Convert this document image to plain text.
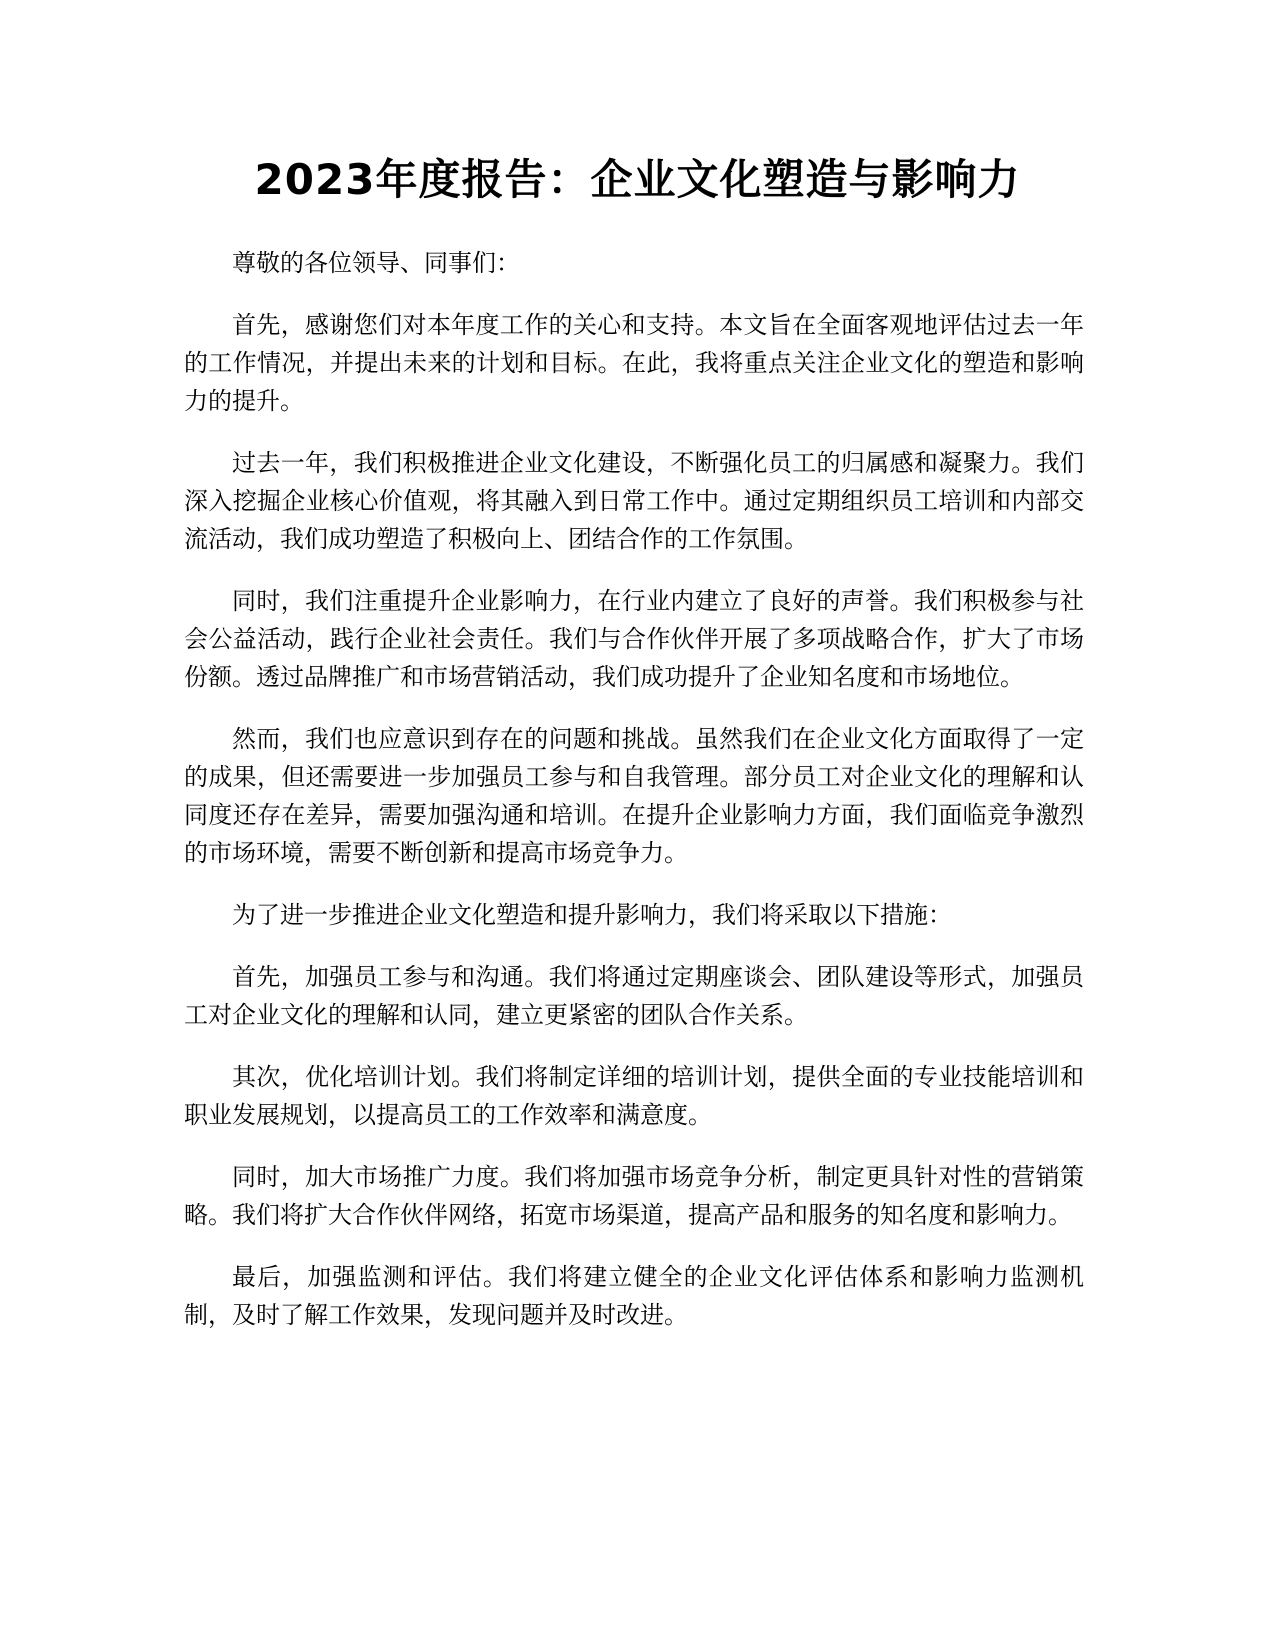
2023年度报告：企业文化塑造与影响力

尊敬的各位领导、同事们：

首先，感谢您们对本年度工作的关心和支持。本文旨在全面客观地评估过去一年的工作情况，并提出未来的计划和目标。在此，我将重点关注企业文化的塑造和影响力的提升。

过去一年，我们积极推进企业文化建设，不断强化员工的归属感和凝聚力。我们深入挖掘企业核心价值观，将其融入到日常工作中。通过定期组织员工培训和内部交流活动，我们成功塑造了积极向上、团结合作的工作氛围。

同时，我们注重提升企业影响力，在行业内建立了良好的声誉。我们积极参与社会公益活动，践行企业社会责任。我们与合作伙伴开展了多项战略合作，扩大了市场份额。透过品牌推广和市场营销活动，我们成功提升了企业知名度和市场地位。

然而，我们也应意识到存在的问题和挑战。虽然我们在企业文化方面取得了一定的成果，但还需要进一步加强员工参与和自我管理。部分员工对企业文化的理解和认同度还存在差异，需要加强沟通和培训。在提升企业影响力方面，我们面临竞争激烈的市场环境，需要不断创新和提高市场竞争力。

为了进一步推进企业文化塑造和提升影响力，我们将采取以下措施：

首先，加强员工参与和沟通。我们将通过定期座谈会、团队建设等形式，加强员工对企业文化的理解和认同，建立更紧密的团队合作关系。

其次，优化培训计划。我们将制定详细的培训计划，提供全面的专业技能培训和职业发展规划，以提高员工的工作效率和满意度。

同时，加大市场推广力度。我们将加强市场竞争分析，制定更具针对性的营销策略。我们将扩大合作伙伴网络，拓宽市场渠道，提高产品和服务的知名度和影响力。

最后，加强监测和评估。我们将建立健全的企业文化评估体系和影响力监测机制，及时了解工作效果，发现问题并及时改进。
